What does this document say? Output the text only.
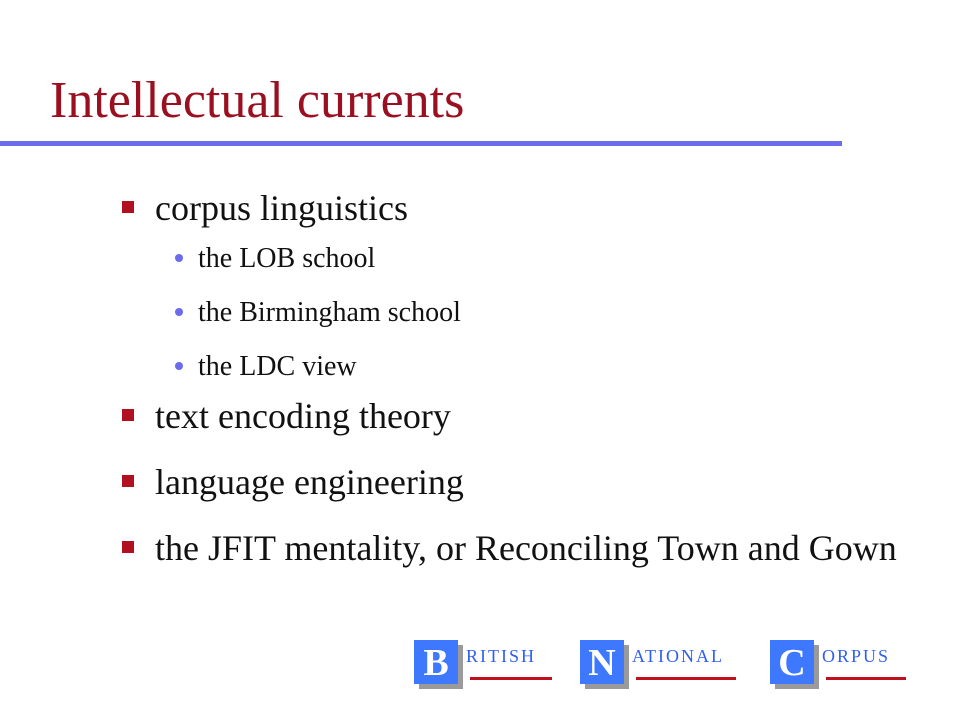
Intellectual currents
corpus linguistics
the LOB school
the Birmingham school
the LDC view
text encoding theory
language engineering
the JFIT mentality, or Reconciling Town and Gown
B RITISH N ATIONAL C ORPUS
